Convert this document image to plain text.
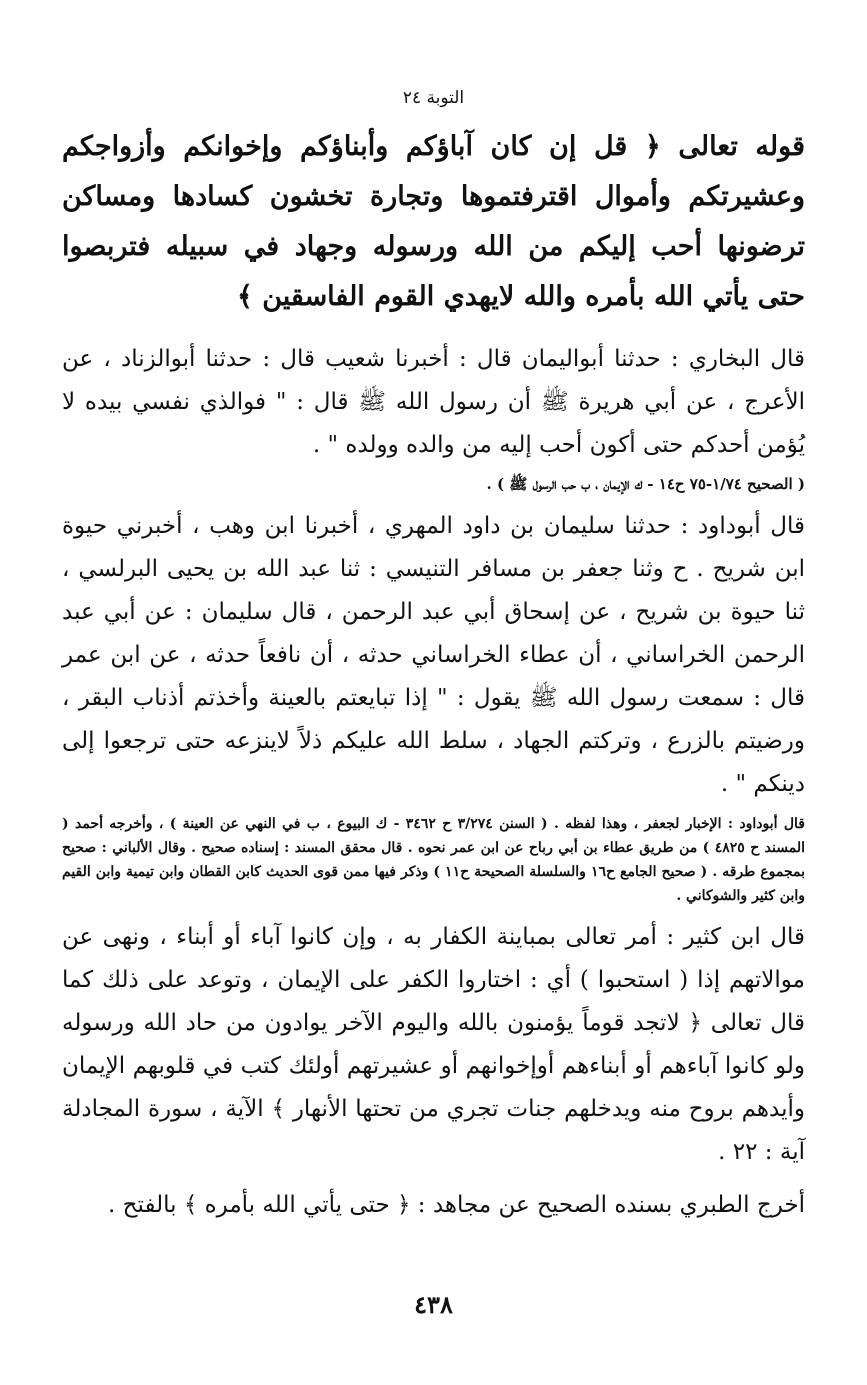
التوبة ٢٤

قوله تعالى ﴿ قل إن كان آباؤكم وأبناؤكم وإخوانكم وأزواجكم وعشيرتكم وأموال اقترفتموها وتجارة تخشون كسادها ومساكن ترضونها أحب إليكم من الله ورسوله وجهاد في سبيله فتربصوا حتى يأتي الله بأمره والله لايهدي القوم الفاسقين ﴾

قال البخاري : حدثنا أبواليمان قال : أخبرنا شعيب قال : حدثنا أبوالزناد ، عن الأعرج ، عن أبي هريرة ﷺ أن رسول الله ﷺ قال : " فوالذي نفسي بيده لا يُؤمن أحدكم حتى أكون أحب إليه من والده وولده " .

( الصحيح ١/٧٤-٧٥ ح١٤ - ك الإيمان ، ب حب الرسول ﷺ ) .

قال أبوداود : حدثنا سليمان بن داود المهري ، أخبرنا ابن وهب ، أخبرني حيوة ابن شريح . ح وثنا جعفر بن مسافر التنيسي : ثنا عبد الله بن يحيى البرلسي ، ثنا حيوة بن شريح ، عن إسحاق أبي عبد الرحمن ، قال سليمان : عن أبي عبد الرحمن الخراساني ، أن عطاء الخراساني حدثه ، أن نافعاً حدثه ، عن ابن عمر قال : سمعت رسول الله ﷺ يقول : " إذا تبايعتم بالعينة وأخذتم أذناب البقر ، ورضيتم بالزرع ، وتركتم الجهاد ، سلط الله عليكم ذلاً لاينزعه حتى ترجعوا إلى دينكم " .

قال أبوداود : الإخبار لجعفر ، وهذا لفظه . ( السنن ٣/٢٧٤ ح ٣٤٦٢ - ك البيوع ، ب في النهي عن العينة ) ، وأخرجه أحمد ( المسند ح ٤٨٢٥ ) من طريق عطاء بن أبي رباح عن ابن عمر نحوه . قال محقق المسند : إسناده صحيح . وقال الألباني : صحيح بمجموع طرقه . ( صحيح الجامع ح١٦ والسلسلة الصحيحة ح١١ ) وذكر فيها ممن قوى الحديث كابن القطان وابن تيمية وابن القيم وابن كثير والشوكاني .

قال ابن كثير : أمر تعالى بمباينة الكفار به ، وإن كانوا آباء أو أبناء ، ونهى عن موالاتهم إذا ( استحبوا ) أي : اختاروا الكفر على الإيمان ، وتوعد على ذلك كما قال تعالى ﴿ لاتجد قوماً يؤمنون بالله واليوم الآخر يوادون من حاد الله ورسوله ولو كانوا آباءهم أو أبناءهم أوإخوانهم أو عشيرتهم أولئك كتب في قلوبهم الإيمان وأيدهم بروح منه ويدخلهم جنات تجري من تحتها الأنهار ﴾ الآية ، سورة المجادلة آية : ٢٢ .

أخرج الطبري بسنده الصحيح عن مجاهد : ﴿ حتى يأتي الله بأمره ﴾ بالفتح .

٤٣٨
